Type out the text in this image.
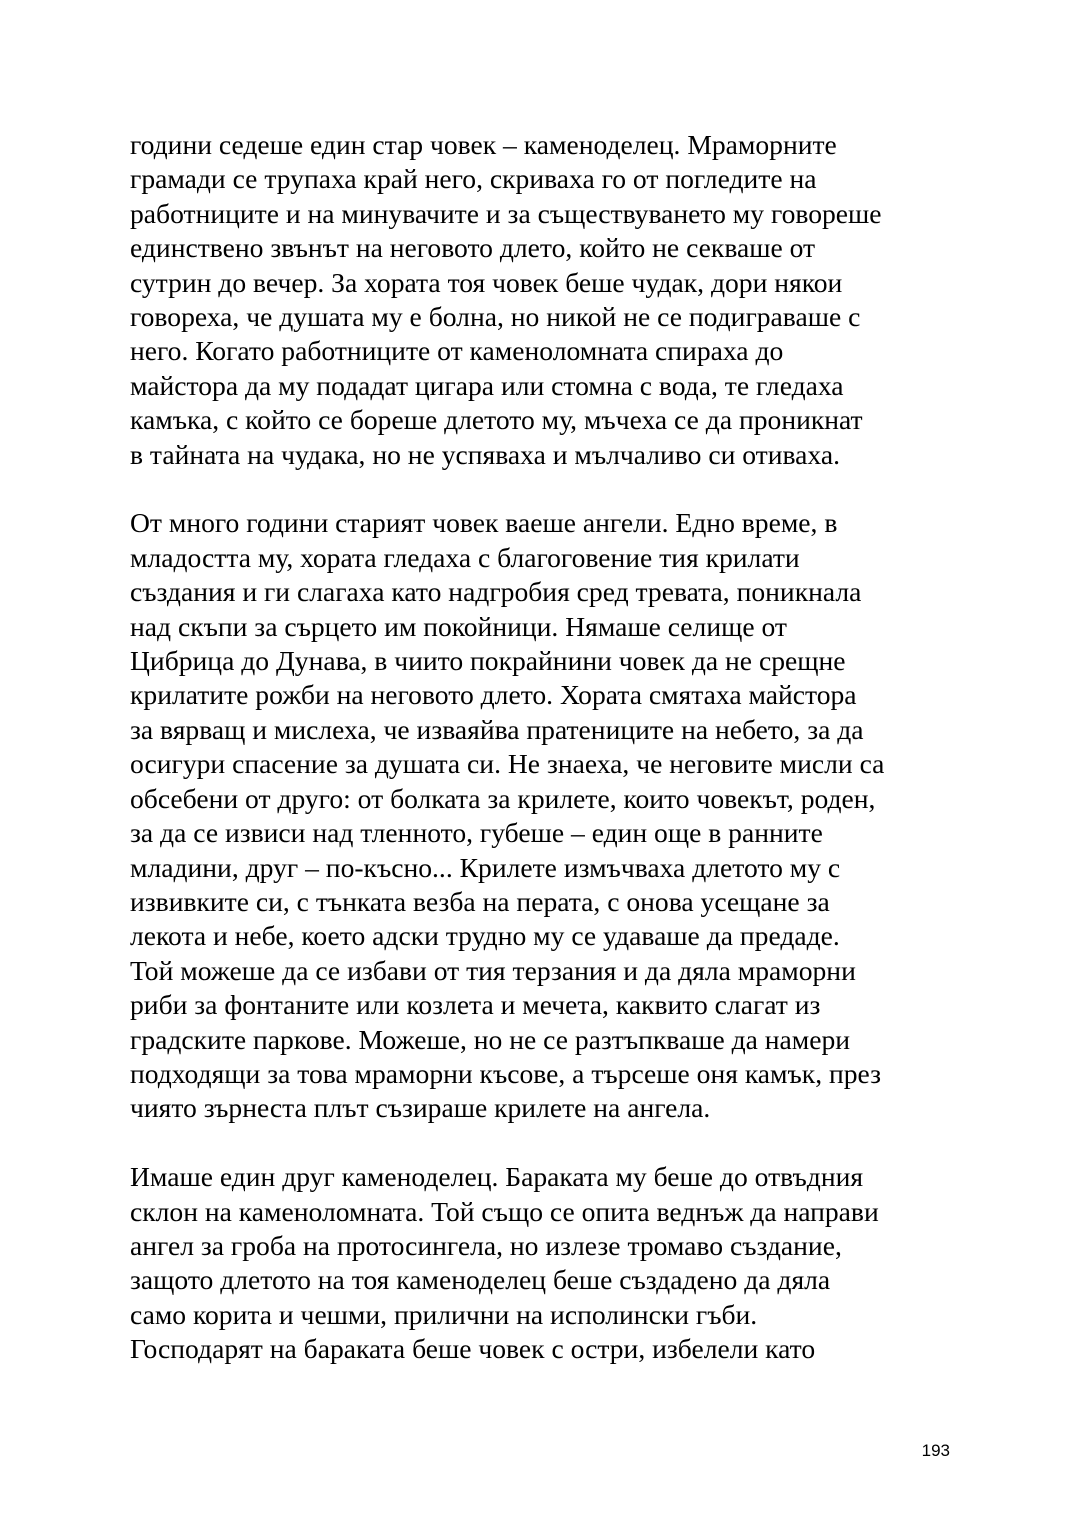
години седеше един стар човек – каменоделец. Мраморните
грамади се трупаха край него, скриваха го от погледите на
работниците и на минувачите и за съществуването му говореше
единствено звънът на неговото длето, който не секваше от
сутрин до вечер. За хората тоя човек беше чудак, дори някои
говореха, че душата му е болна, но никой не се подиграваше с
него. Когато работниците от каменоломната спираха до
майстора да му подадат цигара или стомна с вода, те гледаха
камъка, с който се бореше длетото му, мъчеха се да проникнат
в тайната на чудака, но не успяваха и мълчаливо си отиваха.

От много години старият човек ваеше ангели. Едно време, в
младостта му, хората гледаха с благоговение тия крилати
създания и ги слагаха като надгробия сред тревата, поникнала
над скъпи за сърцето им покойници. Нямаше селище от
Цибрица до Дунава, в чиито покрайнини човек да не срещне
крилатите рожби на неговото длето. Хората смятаха майстора
за вярващ и мислеха, че изваяйва пратениците на небето, за да
осигури спасение за душата си. Не знаеха, че неговите мисли са
обсебени от друго: от болката за крилете, които човекът, роден,
за да се извиси над тленното, губеше – един още в ранните
младини, друг – по-късно... Крилете измъчваха длетото му с
извивките си, с тънката везба на перата, с онова усещане за
лекота и небе, което адски трудно му се удаваше да предаде.
Той можеше да се избави от тия терзания и да дяла мраморни
риби за фонтаните или козлета и мечета, каквито слагат из
градските паркове. Можеше, но не се разтъпкваше да намери
подходящи за това мраморни късове, а търсеше оня камък, през
чиято зърнеста плът съзираше крилете на ангела.

Имаше един друг каменоделец. Бараката му беше до отвъдния
склон на каменоломната. Той също се опита веднъж да направи
ангел за гроба на протосингела, но излезе тромаво създание,
защото длетото на тоя каменоделец беше създадено да дяла
само корита и чешми, прилични на исполински гъби.
Господарят на бараката беше човек с остри, избелели като

193
